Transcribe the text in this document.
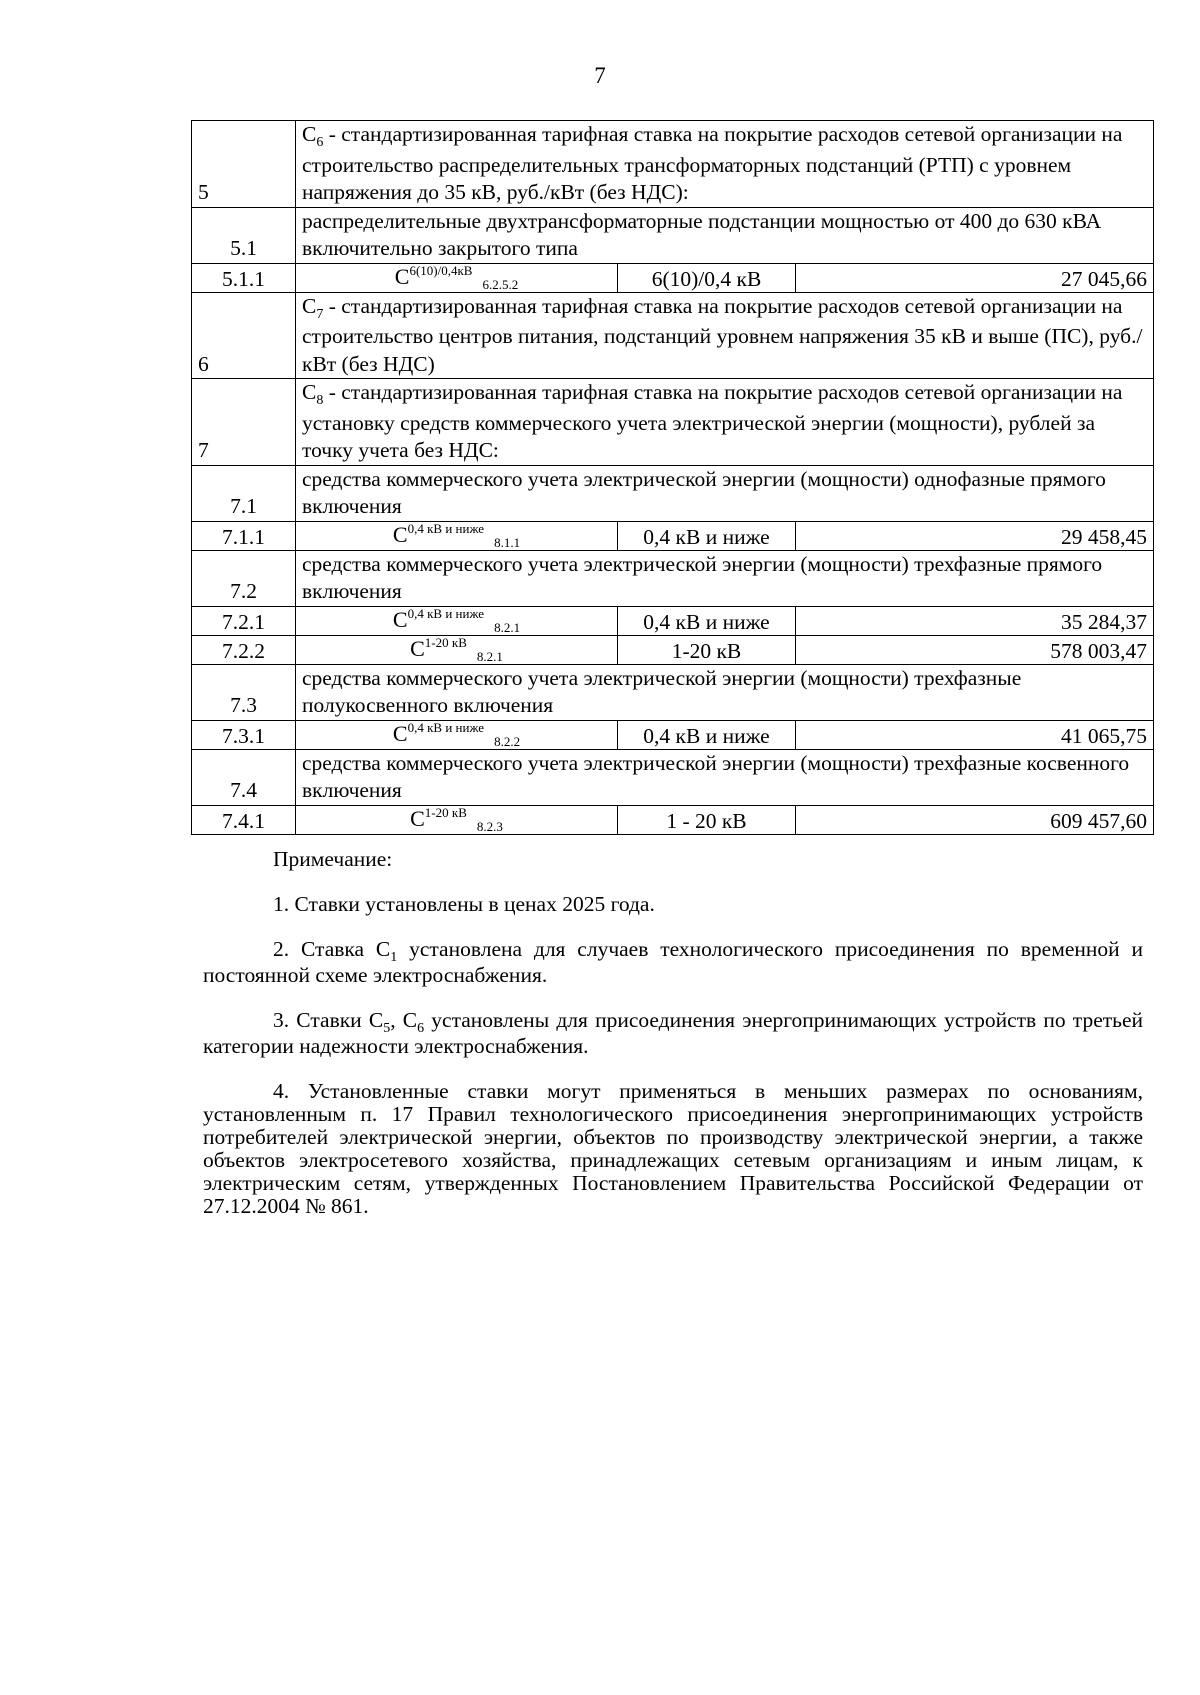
7
5	$С_6$ - стандартизированная тарифная ставка на покрытие расходов сетевой организации на строительство распределительных трансформаторных подстанций (РТП) с уровнем напряжения до 35 кВ, руб./кВт (без НДС):		
5.1	распределительные двухтрансформаторные подстанции мощностью от 400 до 630 кВА включительно закрытого типа		
5.1.1	$С^{6(10)/0,4кВ}_{6.2.5.2}$	6(10)/0,4 кВ	27 045,66
6	$С_7$ - стандартизированная тарифная ставка на покрытие расходов сетевой организации на строительство центров питания, подстанций уровнем напряжения 35 кВ и выше (ПС), руб./кВт (без НДС)		
7	$С_8$ - стандартизированная тарифная ставка на покрытие расходов сетевой организации на установку средств коммерческого учета электрической энергии (мощности), рублей за точку учета без НДС:		
7.1	средства коммерческого учета электрической энергии (мощности) однофазные прямого включения		
7.1.1	$С^{0,4 кВ и ниже}_{8.1.1}$	0,4 кВ и ниже	29 458,45
7.2	средства коммерческого учета электрической энергии (мощности) трехфазные прямого включения		
7.2.1	$С^{0,4 кВ и ниже}_{8.2.1}$	0,4 кВ и ниже	35 284,37
7.2.2	$С^{1-20 кВ}_{8.2.1}$	1-20 кВ	578 003,47
7.3	средства коммерческого учета электрической энергии (мощности) трехфазные полукосвенного включения		
7.3.1	$С^{0,4 кВ и ниже}_{8.2.2}$	0,4 кВ и ниже	41 065,75
7.4	средства коммерческого учета электрической энергии (мощности) трехфазные косвенного включения		
7.4.1	$С^{1-20 кВ}_{8.2.3}$	1 - 20 кВ	609 457,60

Примечание:

1. Ставки установлены в ценах 2025 года.

2. Ставка $С_1$ установлена для случаев технологического присоединения по временной и постоянной схеме электроснабжения.

3. Ставки $С_5$, $С_6$ установлены для присоединения энергопринимающих устройств по третьей категории надежности электроснабжения.

4. Установленные ставки могут применяться в меньших размерах по основаниям, установленным п. 17 Правил технологического присоединения энергопринимающих устройств потребителей электрической энергии, объектов по производству электрической энергии, а также объектов электросетевого хозяйства, принадлежащих сетевым организациям и иным лицам, к электрическим сетям, утвержденных Постановлением Правительства Российской Федерации от 27.12.2004 № 861.
